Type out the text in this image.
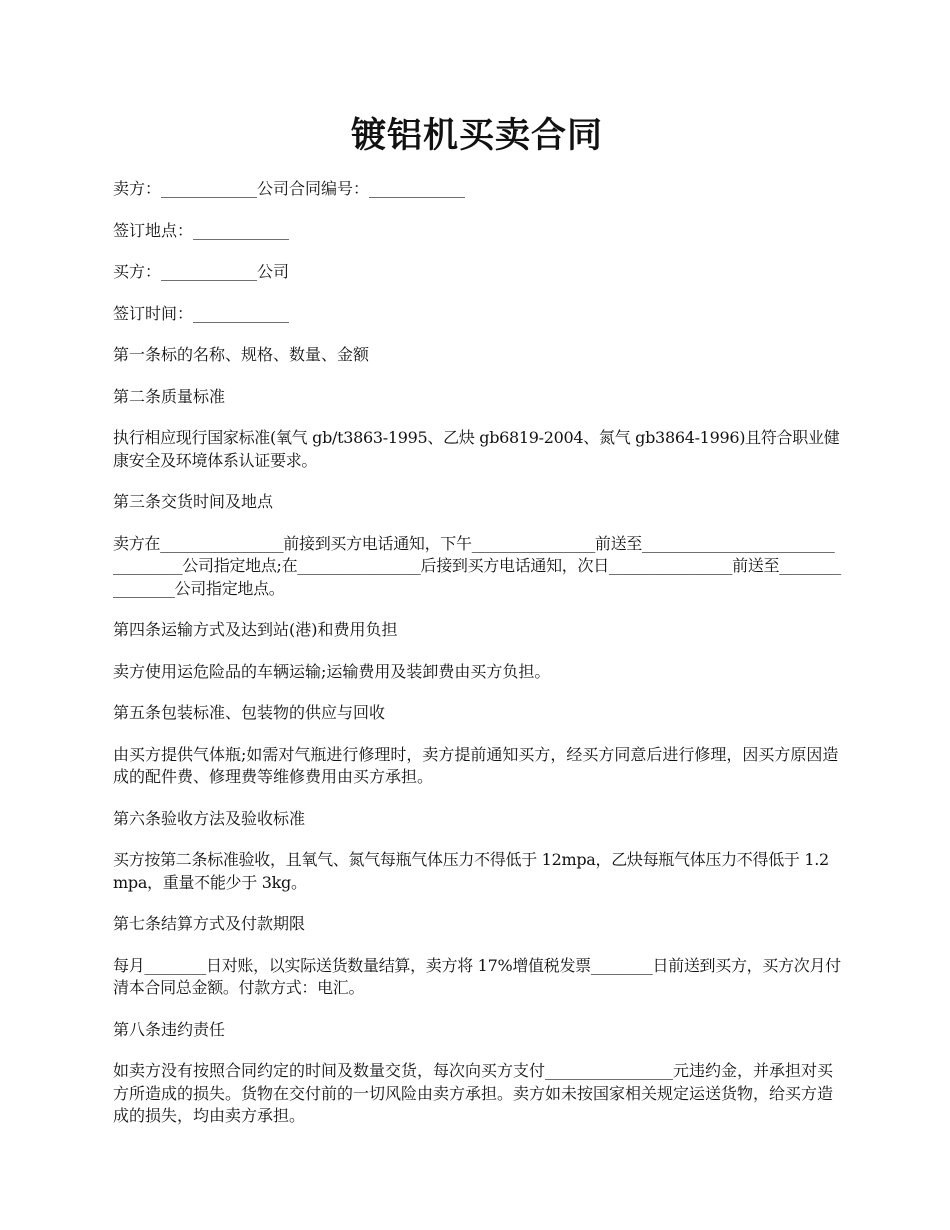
镀铝机买卖合同
卖方：____________公司合同编号：____________
签订地点：____________
买方：____________公司
签订时间：____________
第一条标的名称、规格、数量、金额
第二条质量标准
执行相应现行国家标准(氧气 gb/t3863-1995、乙炔 gb6819-2004、氮气 gb3864-1996)且符合职业健康安全及环境体系认证要求。
第三条交货时间及地点
卖方在________________前接到买方电话通知，下午________________前送至__________________________________公司指定地点;在________________后接到买方电话通知，次日________________前送至________________公司指定地点。
第四条运输方式及达到站(港)和费用负担
卖方使用运危险品的车辆运输;运输费用及装卸费由买方负担。
第五条包装标准、包装物的供应与回收
由买方提供气体瓶;如需对气瓶进行修理时，卖方提前通知买方，经买方同意后进行修理，因买方原因造成的配件费、修理费等维修费用由买方承担。
第六条验收方法及验收标准
买方按第二条标准验收，且氧气、氮气每瓶气体压力不得低于 12mpa，乙炔每瓶气体压力不得低于 1.2mpa，重量不能少于 3kg。
第七条结算方式及付款期限
每月________日对账，以实际送货数量结算，卖方将 17%增值税发票________日前送到买方，买方次月付清本合同总金额。付款方式：电汇。
第八条违约责任
如卖方没有按照合同约定的时间及数量交货，每次向买方支付________________元违约金，并承担对买方所造成的损失。货物在交付前的一切风险由卖方承担。卖方如未按国家相关规定运送货物，给买方造成的损失，均由卖方承担。
